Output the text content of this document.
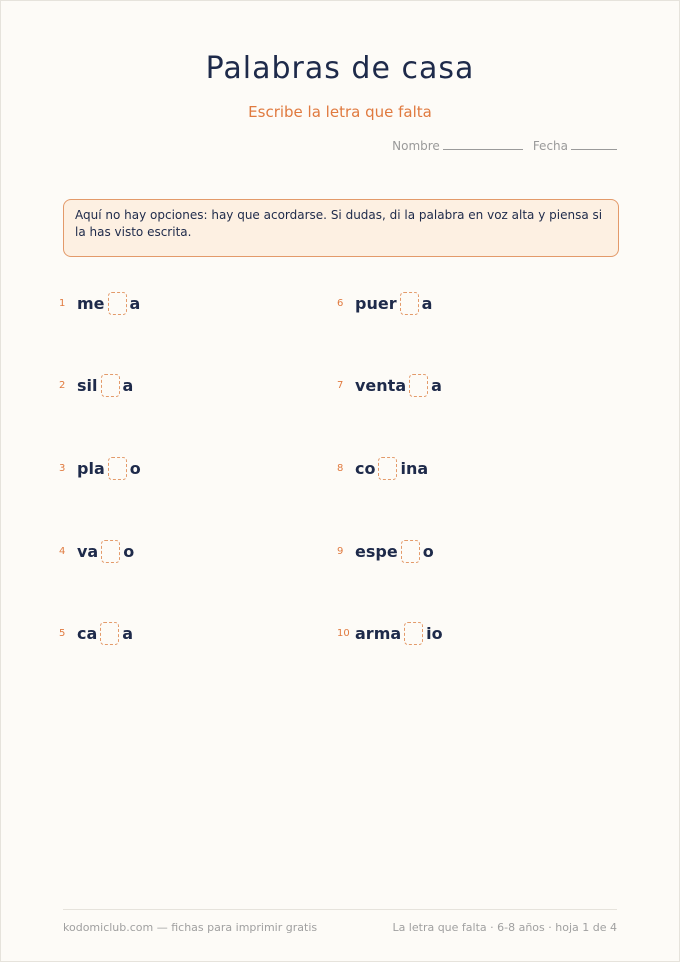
Palabras de casa
Escribe la letra que falta
Nombre	Fecha
Aquí no hay opciones: hay que acordarse. Si dudas, di la palabra en voz alta y piensa si la has visto escrita.
1 me a
2 sil a
3 pla o
4 va o
5 ca a
6 puer a
7 venta a
8 co ina
9 espe o
10 arma io
kodomiclub.com — fichas para imprimir gratis	La letra que falta · 6-8 años · hoja 1 de 4
